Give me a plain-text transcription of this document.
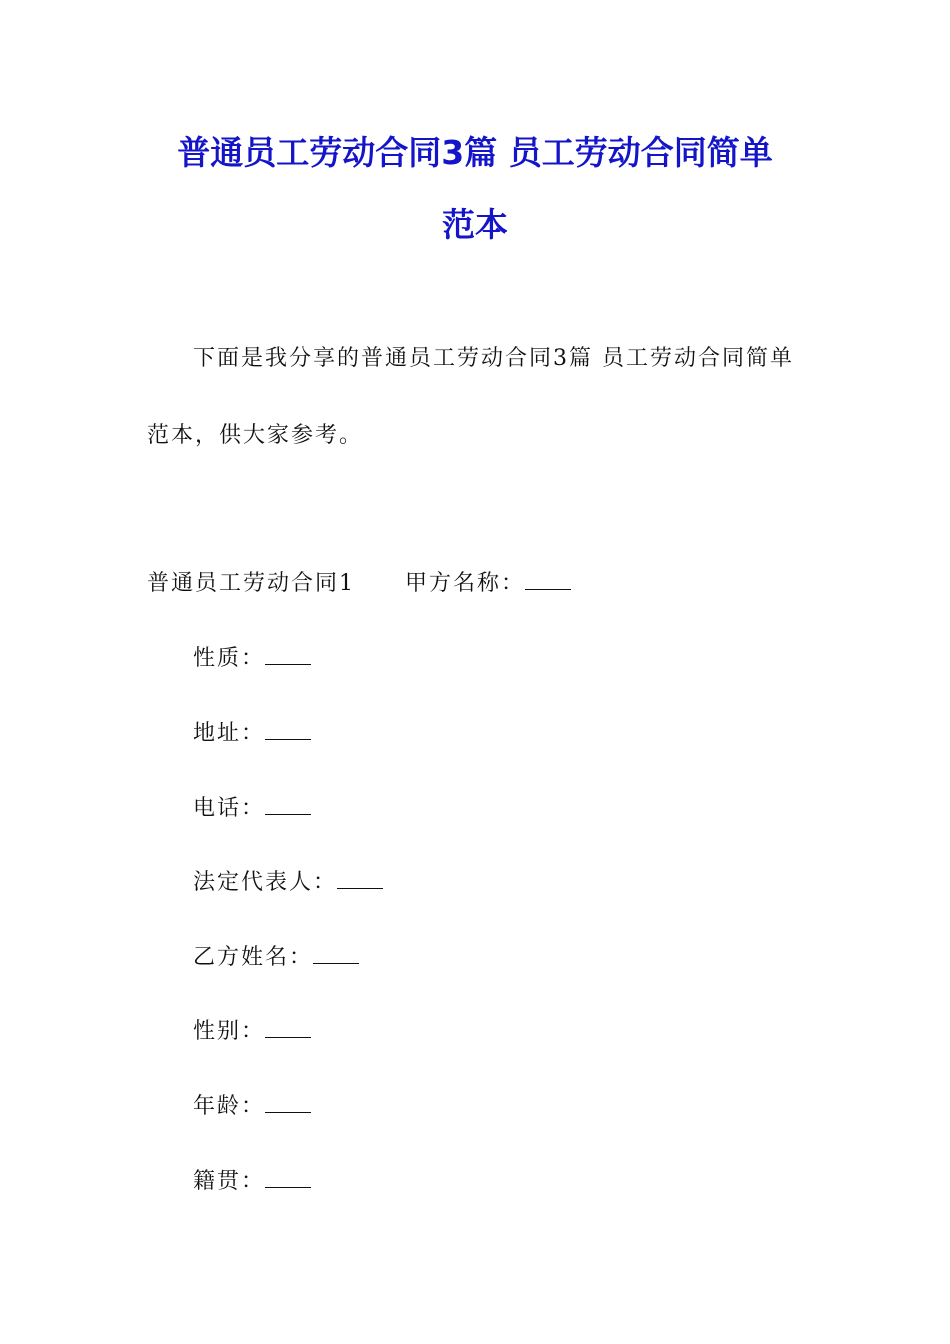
普通员工劳动合同3篇 员工劳动合同简单
范本
下面是我分享的普通员工劳动合同3篇 员工劳动合同简单
范本，供大家参考。
普通员工劳动合同1 甲方名称：
性质：
地址：
电话：
法定代表人：
乙方姓名：
性别：
年龄：
籍贯：
